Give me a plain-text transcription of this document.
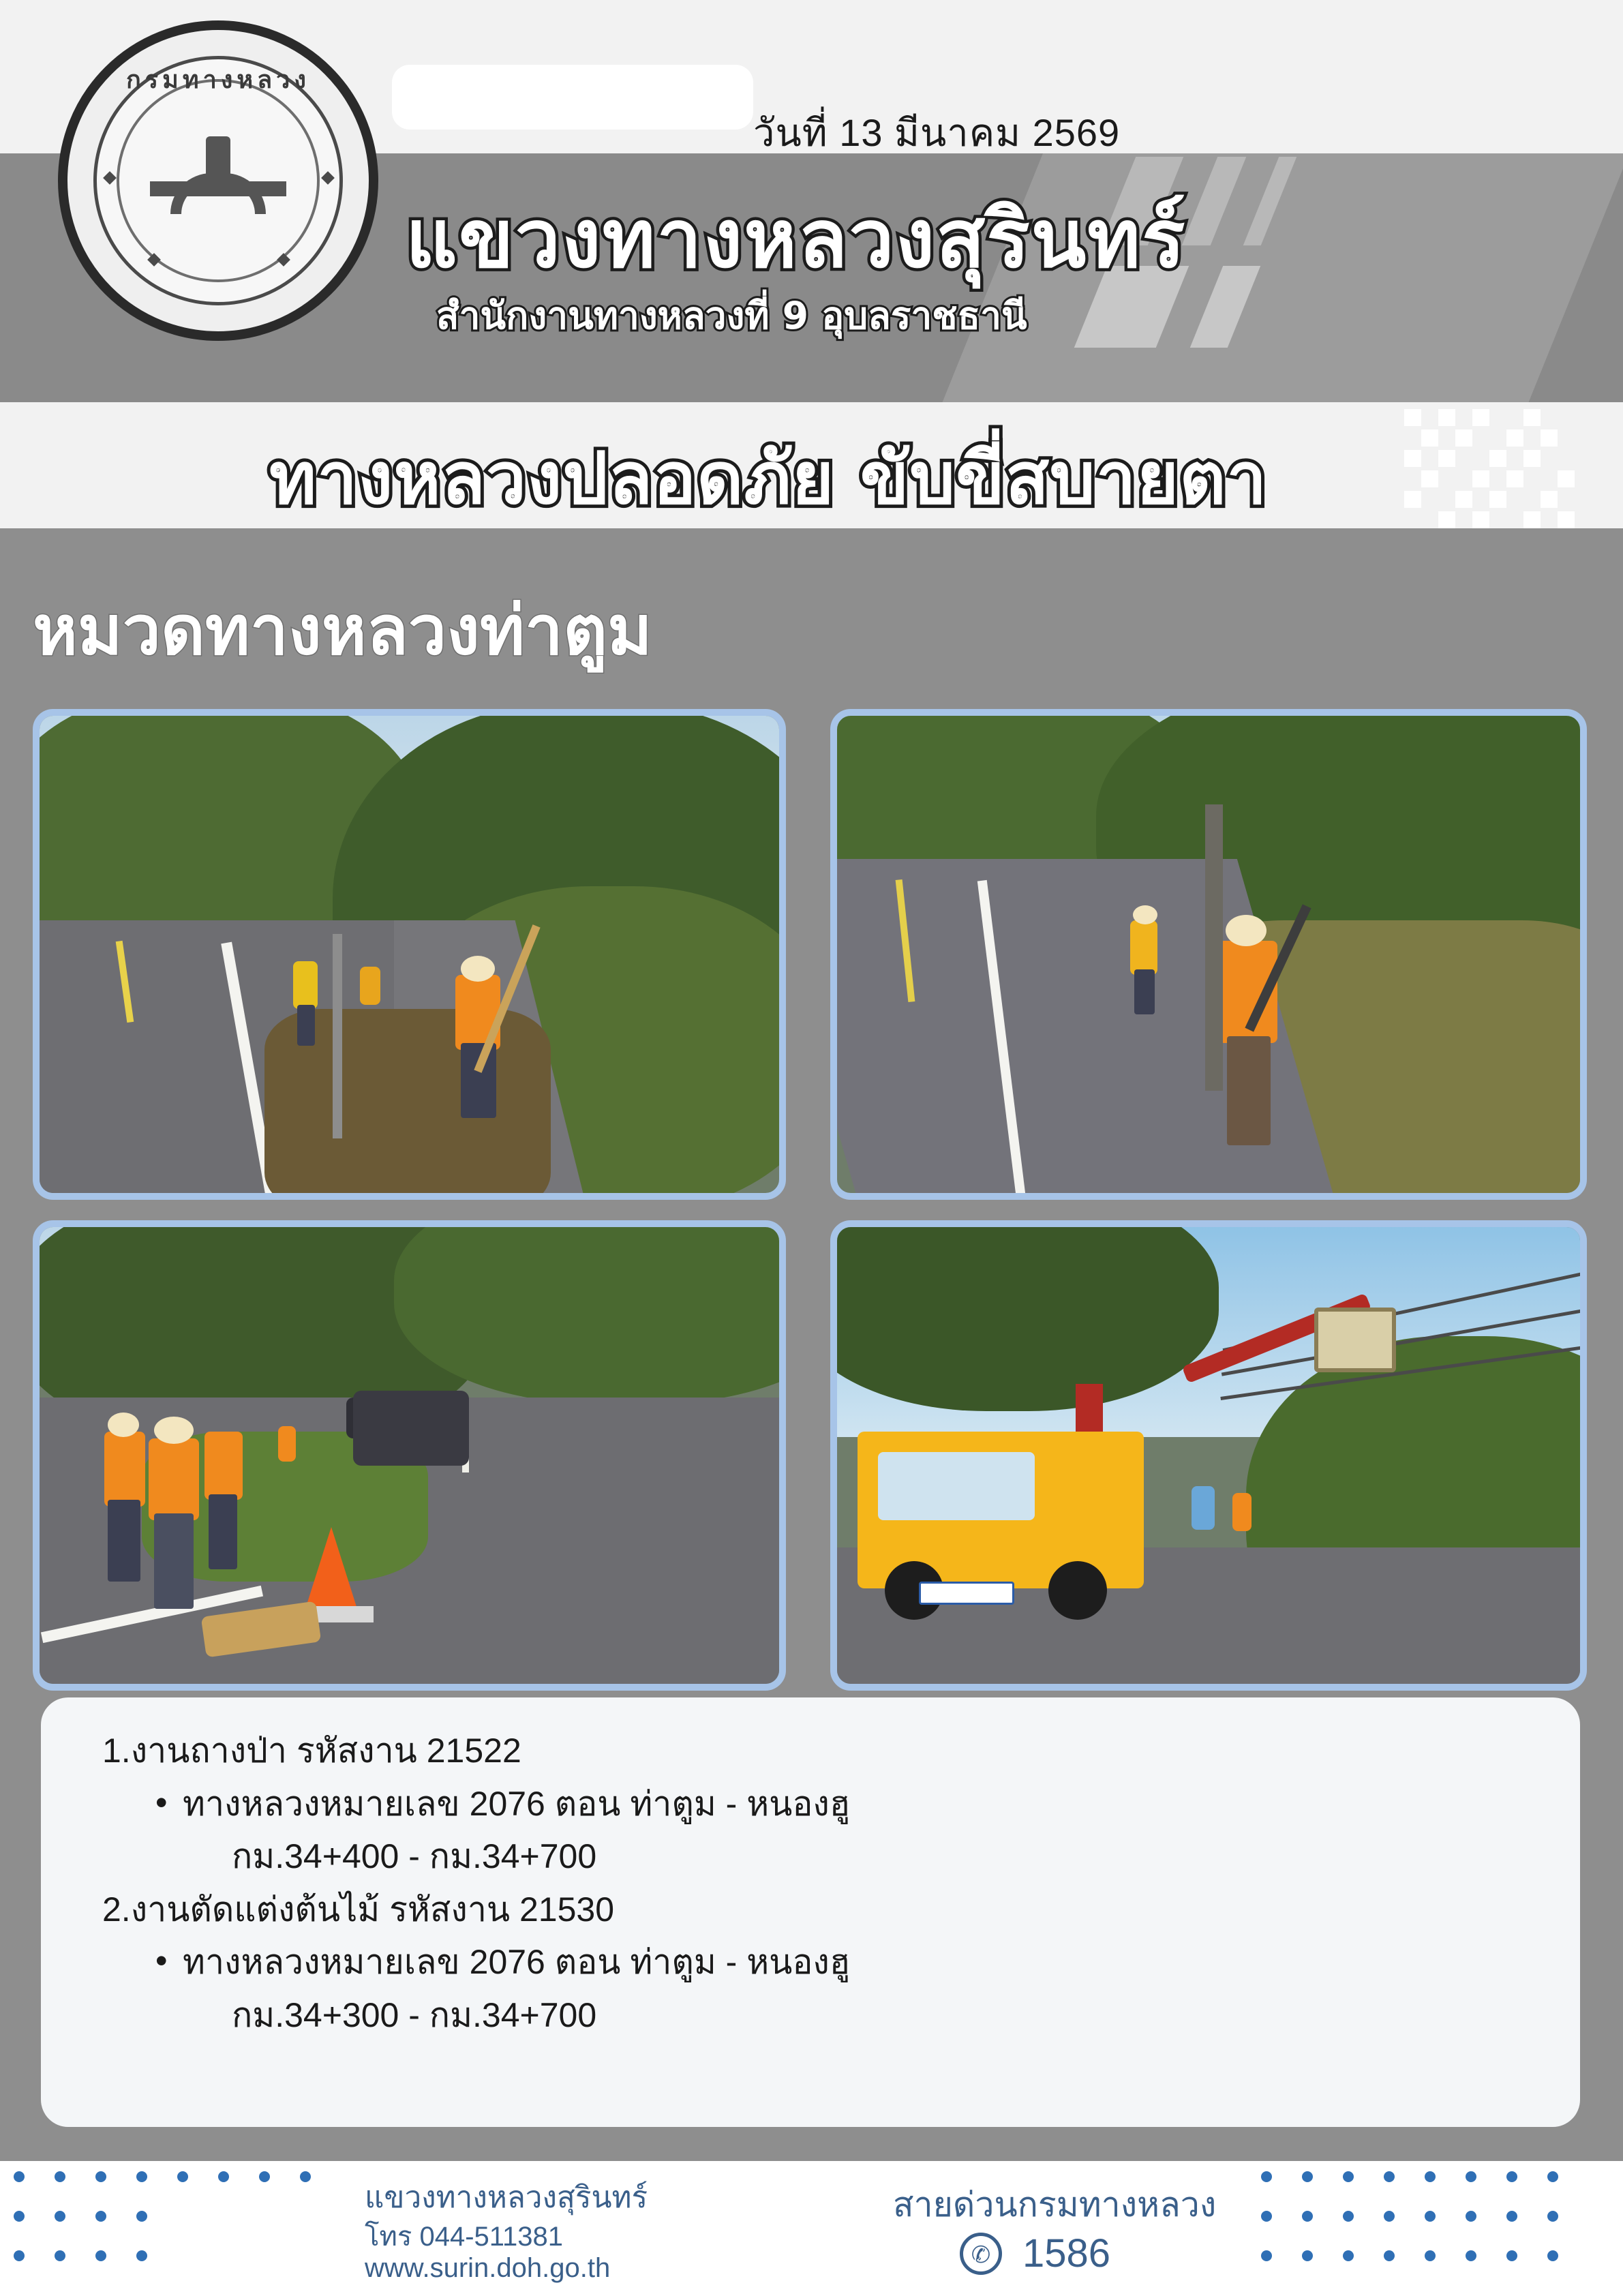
วันที่ 13 มีนาคม 2569
กรมทางหลวง
แขวงทางหลวงสุรินทร์
สำนักงานทางหลวงที่ 9 อุบลราชธานี
ทางหลวงปลอดภัย ขับขี่สบายตา
หมวดทางหลวงท่าตูม
1.งานถางป่า รหัสงาน 21522
• ทางหลวงหมายเลข 2076 ตอน ท่าตูม - หนองฮู
กม.34+400 - กม.34+700
2.งานตัดแต่งต้นไม้ รหัสงาน 21530
• ทางหลวงหมายเลข 2076 ตอน ท่าตูม - หนองฮู
กม.34+300 - กม.34+700
แขวงทางหลวงสุรินทร์
โทร 044-511381
www.surin.doh.go.th
สายด่วนกรมทางหลวง
✆ 1586
